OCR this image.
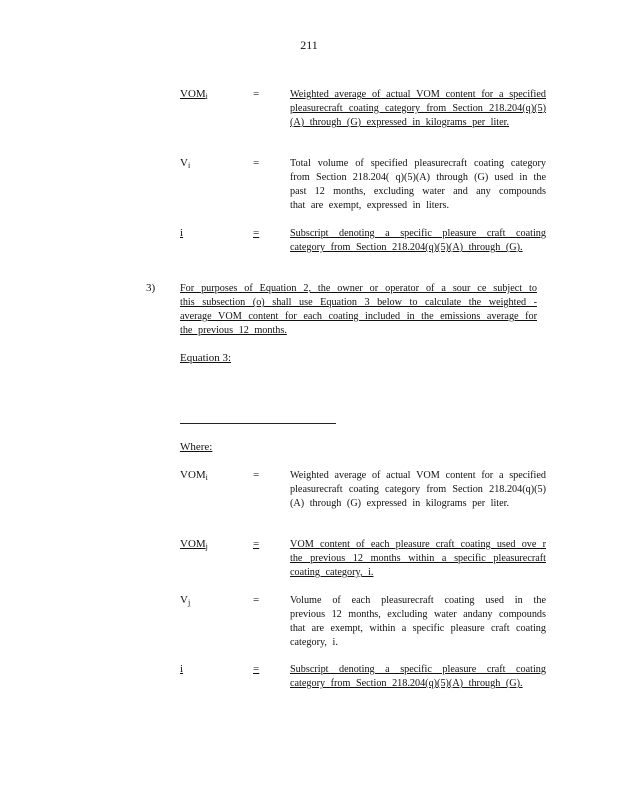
211
$VOM_i$	=	Weighted average of actual VOM content for a specified pleasurecraft coating category from Section 218.204(q)(5)(A) through (G) expressed in kilograms per liter.
$V_i$	=	Total volume of specified pleasurecraft coating category from Section 218.204( q)(5)(A) through (G) used in the past 12 months, excluding water and any compounds that are exempt, expressed in liters.
i	=	Subscript denoting a specific pleasure craft coating category from Section 218.204(q)(5)(A) through (G).
3) For purposes of Equation 2, the owner or operator of a sour ce subject to this subsection (o) shall use Equation 3 below to calculate the weighted - average VOM content for each coating included in the emissions average for the previous 12 months.
Equation 3:
Where:
$VOM_i$	=	Weighted average of actual VOM content for a specified pleasurecraft coating category from Section 218.204(q)(5)(A) through (G) expressed in kilograms per liter.
$VOM_j$	=	VOM content of each pleasure craft coating used ove r the previous 12 months within a specific pleasurecraft coating category, i.
$V_j$	=	Volume of each pleasurecraft coating used in the previous 12 months, excluding water andany compounds that are exempt, within a specific pleasure craft coating category, i.
i	=	Subscript denoting a specific pleasure craft coating category from Section 218.204(q)(5)(A) through (G).
